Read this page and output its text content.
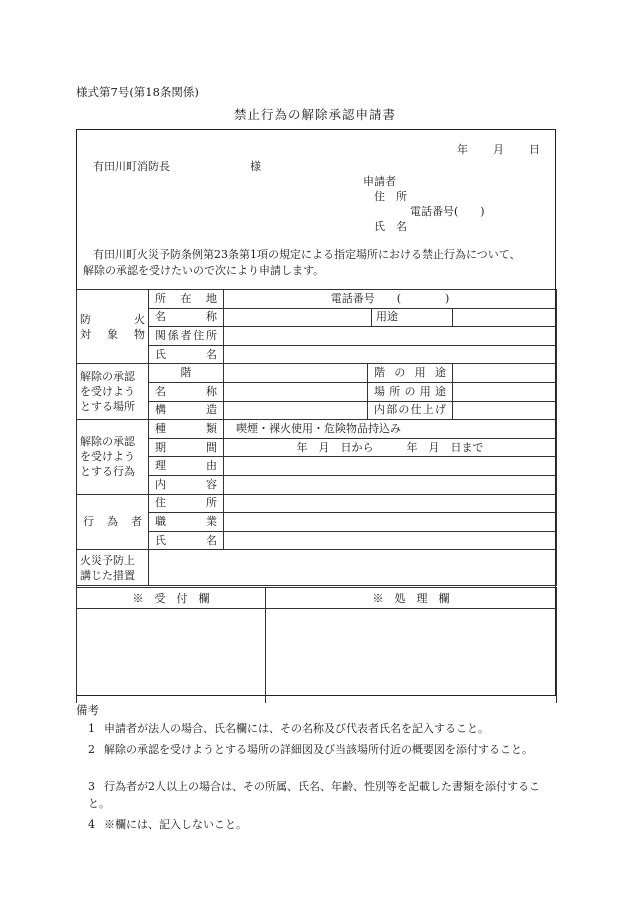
様式第7号(第18条関係)
禁止行為の解除承認申請書
年 月 日
有田川町消防長	様
申請者
住　所
電話番号(　　)
氏　名
有田川町火災予防条例第23条第1項の規定による指定場所における禁止行為について、
解除の承認を受けたいので次により申請します。
防　　火
対 象 物	所　在　地	電話番号　　(　　　　)			
	名　　　称			用途	
	関係者住所				
	氏　　　名				

解除の承認
を受けよう
とする場所	階		階 の 用 途		
	名　　　称		場 所 の 用 途		
	構　　　造		内部の仕上げ		

解除の承認
を受けよう
とする行為	種　　　類	喫煙・裸火使用・危険物品持込み			
	期　　　間	年　月　日から　　　年　月　日まで			
	理　　　由				
	内　　　容				
行　為　者	住　　　所				
	職　　　業				
	氏　　　名				

火災予防上
講じた措置					

※　受　付　欄	※　処　理　欄

備考
1 申請者が法人の場合、氏名欄には、その名称及び代表者氏名を記入すること。
2 解除の承認を受けようとする場所の詳細図及び当該場所付近の概要図を添付すること。
3 行為者が2人以上の場合は、その所属、氏名、年齢、性別等を記載した書類を添付すること。
4 ※欄には、記入しないこと。
